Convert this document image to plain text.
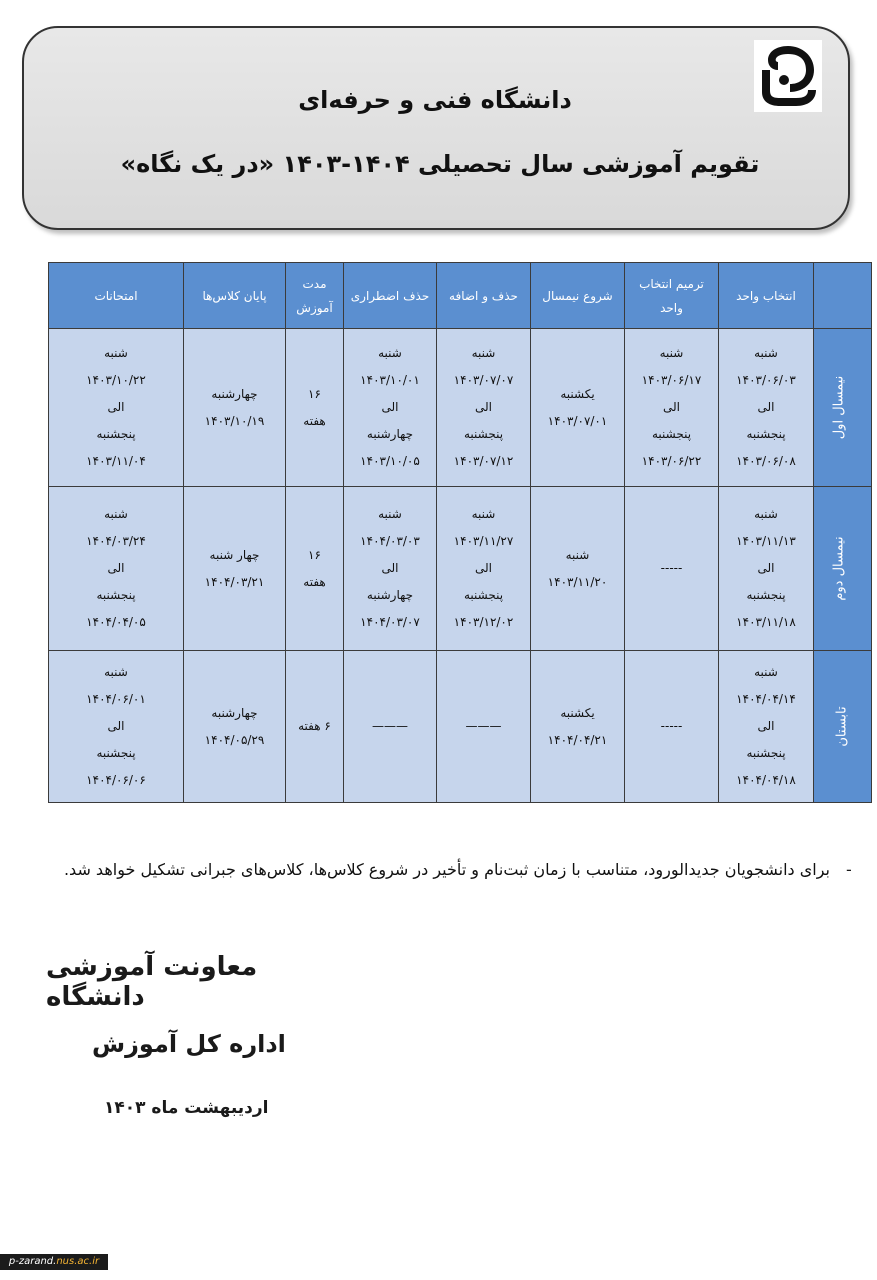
دانشگاه فنی و حرفه‌ای
تقویم آموزشی سال تحصیلی ۱۴۰۴-۱۴۰۳ «در یک نگاه»
	انتخاب واحد	ترمیم انتخاب واحد	شروع نیمسال	حذف و اضافه	حذف اضطراری	مدت آموزش	پایان کلاس‌ها	امتحانات
نیمسال اول	شنبه
۱۴۰۳/۰۶/۰۳
الی
پنجشنبه
۱۴۰۳/۰۶/۰۸	شنبه
۱۴۰۳/۰۶/۱۷
الی
پنجشنبه
۱۴۰۳/۰۶/۲۲	یکشنبه
۱۴۰۳/۰۷/۰۱	شنبه
۱۴۰۳/۰۷/۰۷
الی
پنجشنبه
۱۴۰۳/۰۷/۱۲	شنبه
۱۴۰۳/۱۰/۰۱
الی
چهارشنبه
۱۴۰۳/۱۰/۰۵	۱۶
هفته	چهارشنبه
۱۴۰۳/۱۰/۱۹	شنبه
۱۴۰۳/۱۰/۲۲
الی
پنجشنبه
۱۴۰۳/۱۱/۰۴

نیمسال دوم	شنبه
۱۴۰۳/۱۱/۱۳
الی
پنجشنبه
۱۴۰۳/۱۱/۱۸	-----	شنبه
۱۴۰۳/۱۱/۲۰	شنبه
۱۴۰۳/۱۱/۲۷
الی
پنجشنبه
۱۴۰۳/۱۲/۰۲	شنبه
۱۴۰۴/۰۳/۰۳
الی
چهارشنبه
۱۴۰۴/۰۳/۰۷	۱۶
هفته	چهار شنبه
۱۴۰۴/۰۳/۲۱	شنبه
۱۴۰۴/۰۳/۲۴
الی
پنجشنبه
۱۴۰۴/۰۴/۰۵

تابستان	شنبه
۱۴۰۴/۰۴/۱۴
الی
پنجشنبه
۱۴۰۴/۰۴/۱۸	-----	یکشنبه
۱۴۰۴/۰۴/۲۱	———	———	۶ هفته	چهارشنبه
۱۴۰۴/۰۵/۲۹	شنبه
۱۴۰۴/۰۶/۰۱
الی
پنجشنبه
۱۴۰۴/۰۶/۰۶
-
برای دانشجویان جدیدالورود، متناسب با زمان ثبت‌نام و تأخیر در شروع کلاس‌ها، کلاس‌های جبرانی تشکیل خواهد شد.
معاونت آموزشی دانشگاه
اداره کل آموزش
اردیبهشت ماه ۱۴۰۳
p-zarand.nus.ac.ir
